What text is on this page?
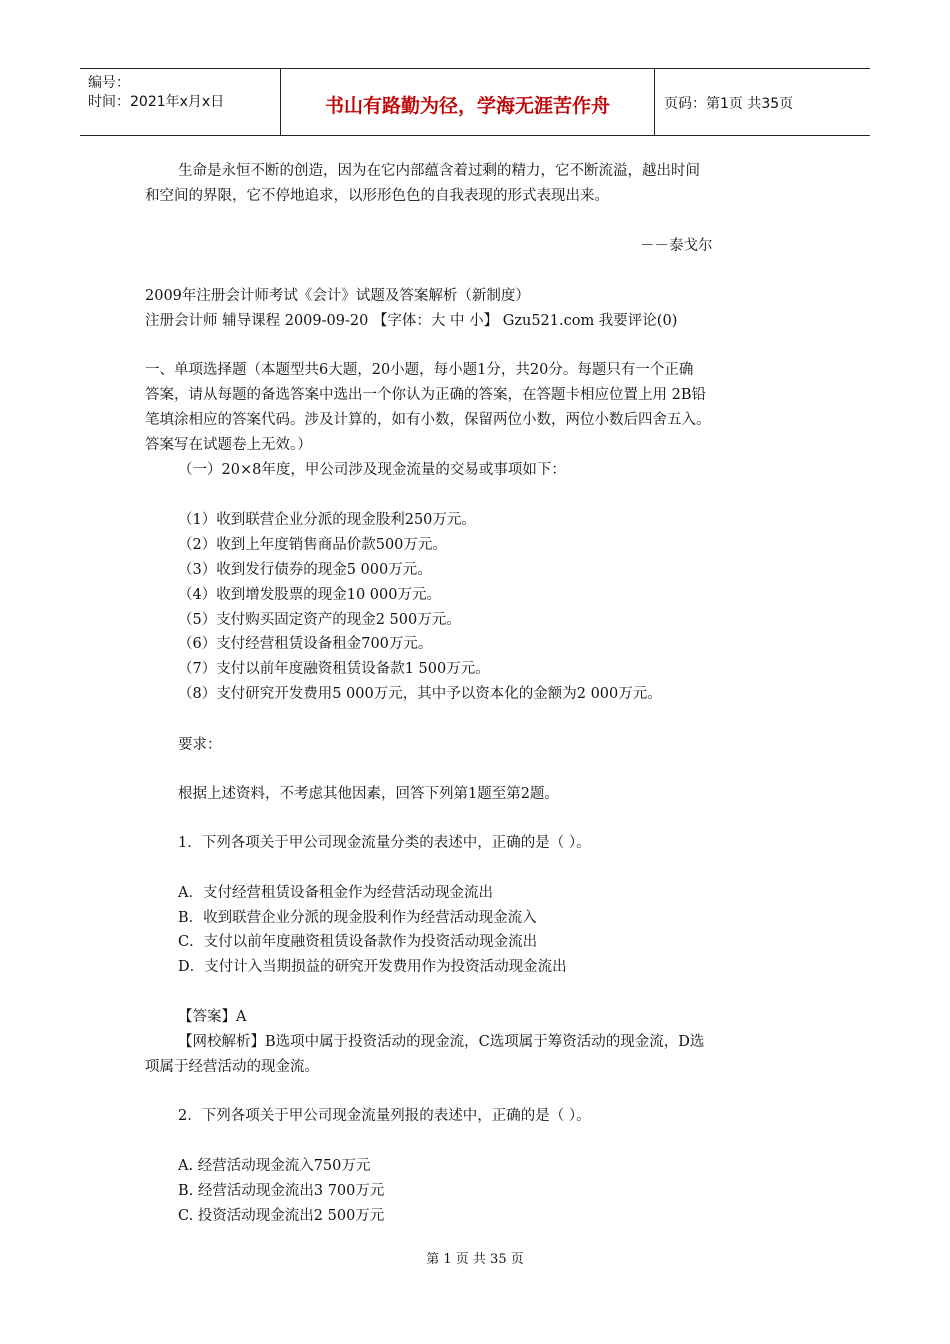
编号：
时间：2021年x月x日	书山有路勤为径，学海无涯苦作舟	页码：第1页 共35页
生命是永恒不断的创造，因为在它内部蕴含着过剩的精力，它不断流溢，越出时间
和空间的界限，它不停地追求，以形形色色的自我表现的形式表现出来。
－－泰戈尔
2009年注册会计师考试《会计》试题及答案解析（新制度）
注册会计师 辅导课程 2009-09-20 【字体：大 中 小】 Gzu521.com 我要评论(0)
一、单项选择题（本题型共6大题，20小题，每小题1分，共20分。每题只有一个正确
答案，请从每题的备选答案中选出一个你认为正确的答案，在答题卡相应位置上用 2B铅
笔填涂相应的答案代码。涉及计算的，如有小数，保留两位小数，两位小数后四舍五入。
答案写在试题卷上无效。）
（一）20×8年度，甲公司涉及现金流量的交易或事项如下：
（1）收到联营企业分派的现金股利250万元。
（2）收到上年度销售商品价款500万元。
（3）收到发行债券的现金5 000万元。
（4）收到增发股票的现金10 000万元。
（5）支付购买固定资产的现金2 500万元。
（6）支付经营租赁设备租金700万元。
（7）支付以前年度融资租赁设备款1 500万元。
（8）支付研究开发费用5 000万元，其中予以资本化的金额为2 000万元。
要求：
根据上述资料，不考虑其他因素，回答下列第1题至第2题。
1．下列各项关于甲公司现金流量分类的表述中，正确的是（ ）。
A．支付经营租赁设备租金作为经营活动现金流出
B．收到联营企业分派的现金股利作为经营活动现金流入
C．支付以前年度融资租赁设备款作为投资活动现金流出
D．支付计入当期损益的研究开发费用作为投资活动现金流出
【答案】A
【网校解析】B选项中属于投资活动的现金流，C选项属于筹资活动的现金流，D选
项属于经营活动的现金流。
2．下列各项关于甲公司现金流量列报的表述中，正确的是（ ）。
A. 经营活动现金流入750万元
B. 经营活动现金流出3 700万元
C. 投资活动现金流出2 500万元
第 1 页 共 35 页
